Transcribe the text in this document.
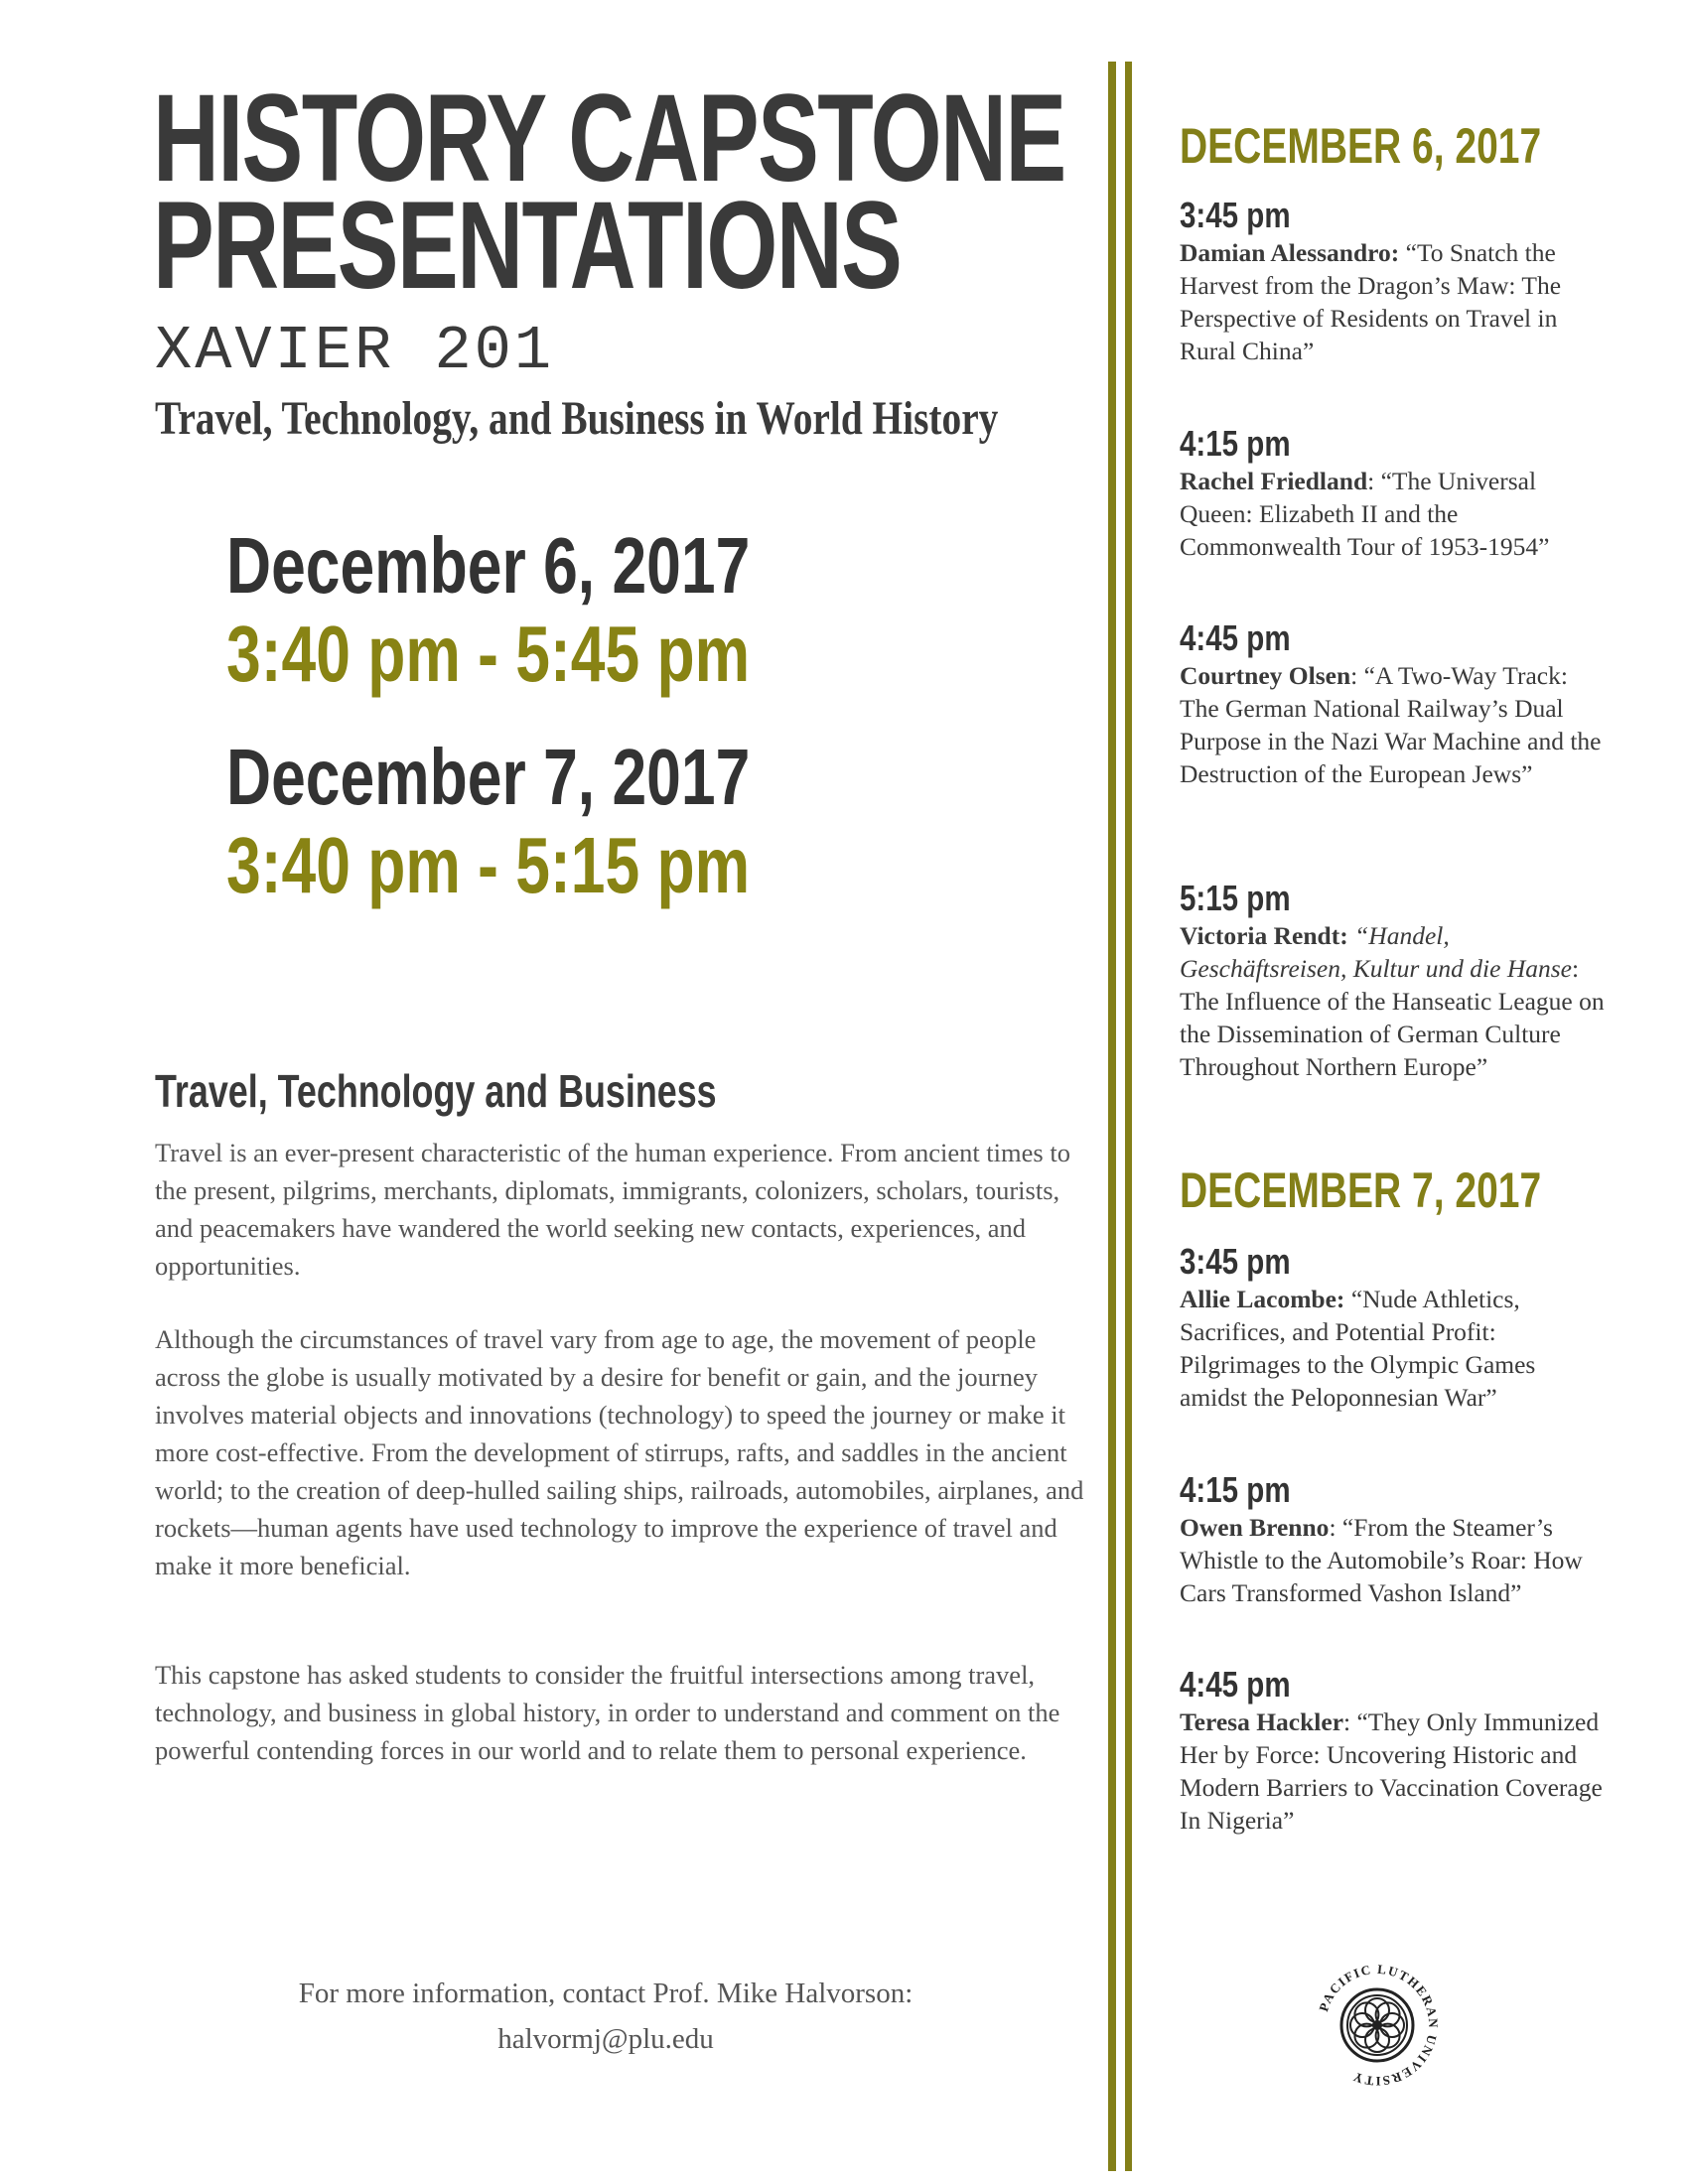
HISTORY CAPSTONE
PRESENTATIONS
XAVIER 201
Travel, Technology, and Business in World History
December 6, 2017
3:40 pm - 5:45 pm
December 7, 2017
3:40 pm - 5:15 pm
Travel, Technology and Business

Travel is an ever-present characteristic of the human experience. From ancient times to the present, pilgrims, merchants, diplomats, immigrants, colonizers, scholars, tourists, and peacemakers have wandered the world seeking new contacts, experiences, and opportunities.

Although the circumstances of travel vary from age to age, the movement of people across the globe is usually motivated by a desire for benefit or gain, and the journey involves material objects and innovations (technology) to speed the journey or make it more cost-effective. From the development of stirrups, rafts, and saddles in the ancient world; to the creation of deep-hulled sailing ships, railroads, automobiles, airplanes, and rockets—human agents have used technology to improve the experience of travel and make it more beneficial.

This capstone has asked students to consider the fruitful intersections among travel, technology, and business in global history, in order to understand and comment on the powerful contending forces in our world and to relate them to personal experience.

For more information, contact Prof. Mike Halvorson:
halvormj@plu.edu
DECEMBER 6, 2017
3:45 pm

Damian Alessandro: “To Snatch the Harvest from the Dragon’s Maw: The Perspective of Residents on Travel in Rural China”

4:15 pm

Rachel Friedland: “The Universal Queen: Elizabeth II and the Commonwealth Tour of 1953-1954”

4:45 pm

Courtney Olsen: “A Two-Way Track: The German National Railway’s Dual Purpose in the Nazi War Machine and the Destruction of the European Jews”

5:15 pm

Victoria Rendt: “Handel, Geschäftsreisen, Kultur und die Hanse: The Influence of the Hanseatic League on the Dissemination of German Culture Throughout Northern Europe”

DECEMBER 7, 2017
3:45 pm

Allie Lacombe: “Nude Athletics, Sacrifices, and Potential Profit: Pilgrimages to the Olympic Games amidst the Peloponnesian War”

4:15 pm

Owen Brenno: “From the Steamer’s Whistle to the Automobile’s Roar: How Cars Transformed Vashon Island”

4:45 pm

Teresa Hackler: “They Only Immunized Her by Force: Uncovering Historic and Modern Barriers to Vaccination Coverage In Nigeria”

PACIFIC LUTHERAN UNIVERSITY
